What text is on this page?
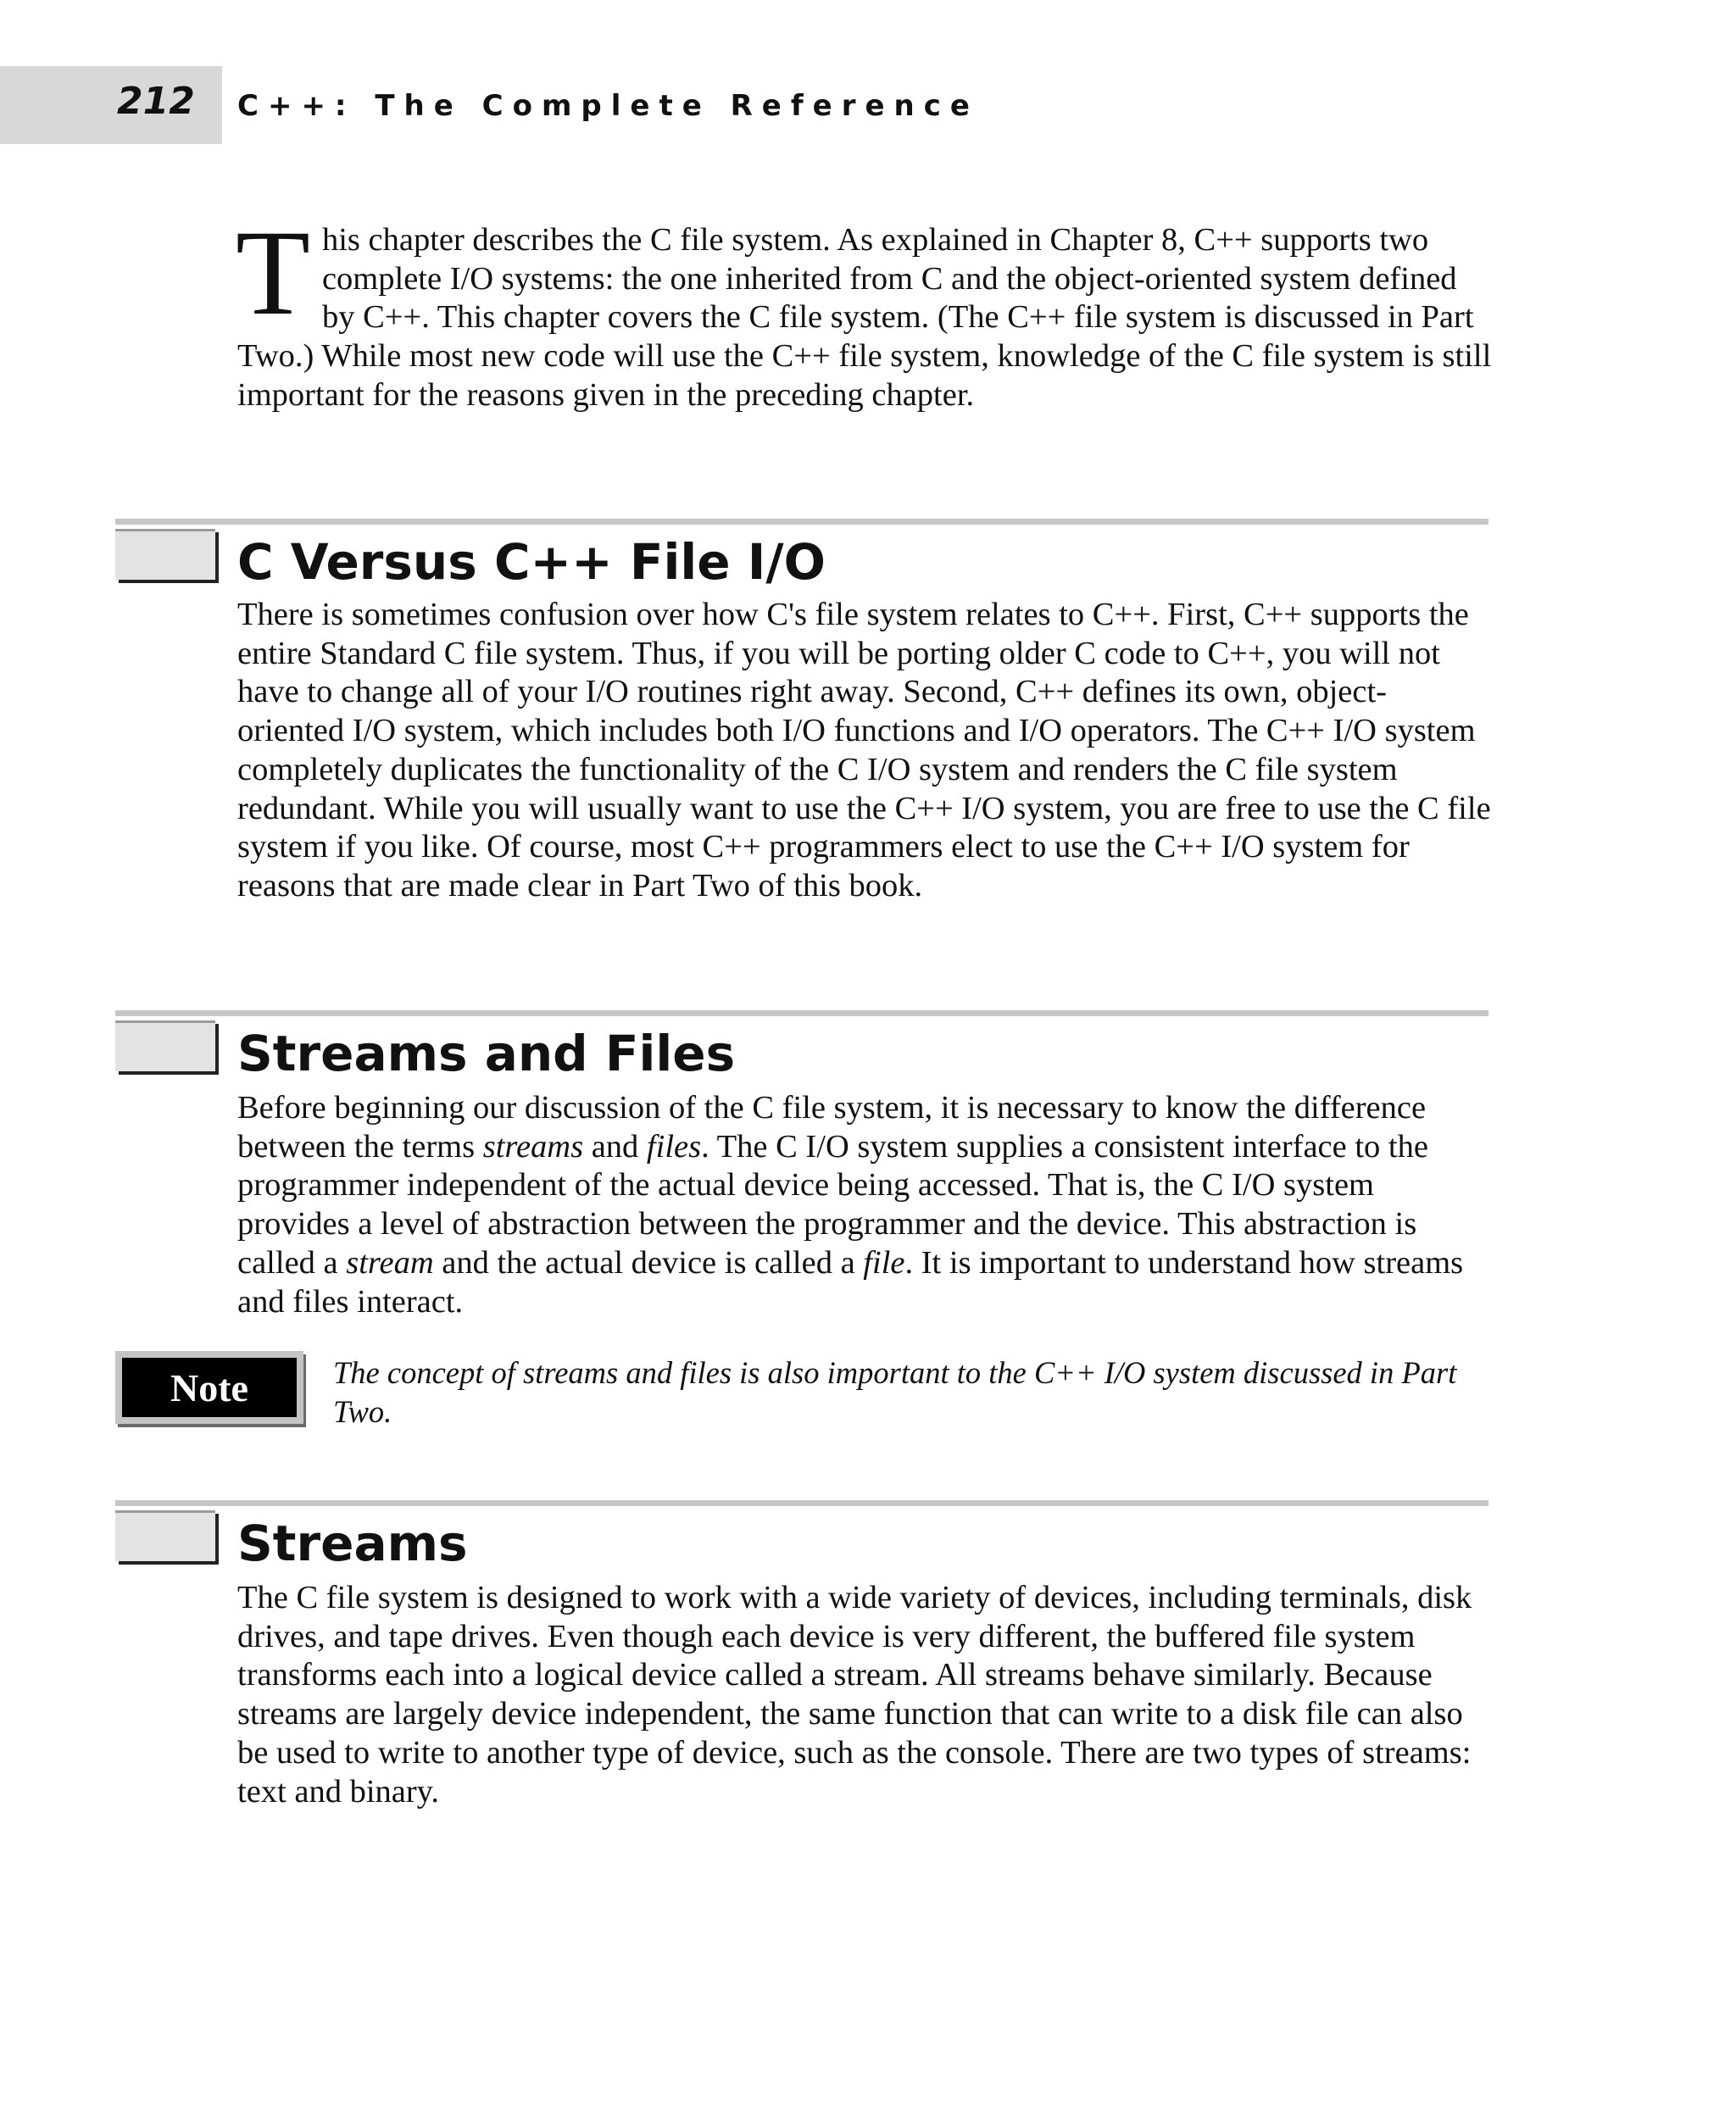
212 C++: The Complete Reference

This chapter describes the C file system. As explained in Chapter 8, C++ supports two complete I/O systems: the one inherited from C and the object-oriented system defined by C++. This chapter covers the C file system. (The C++ file system is discussed in Part Two.) While most new code will use the C++ file system, knowledge of the C file system is still important for the reasons given in the preceding chapter.

C Versus C++ File I/O

There is sometimes confusion over how C's file system relates to C++. First, C++ supports the entire Standard C file system. Thus, if you will be porting older C code to C++, you will not have to change all of your I/O routines right away. Second, C++ defines its own, object-oriented I/O system, which includes both I/O functions and I/O operators. The C++ I/O system completely duplicates the functionality of the C I/O system and renders the C file system redundant. While you will usually want to use the C++ I/O system, you are free to use the C file system if you like. Of course, most C++ programmers elect to use the C++ I/O system for reasons that are made clear in Part Two of this book.

Streams and Files

Before beginning our discussion of the C file system, it is necessary to know the difference between the terms streams and files. The C I/O system supplies a consistent interface to the programmer independent of the actual device being accessed. That is, the C I/O system provides a level of abstraction between the programmer and the device. This abstraction is called a stream and the actual device is called a file. It is important to understand how streams and files interact.

Note	The concept of streams and files is also important to the C++ I/O system discussed in Part Two.

Streams

The C file system is designed to work with a wide variety of devices, including terminals, disk drives, and tape drives. Even though each device is very different, the buffered file system transforms each into a logical device called a stream. All streams behave similarly. Because streams are largely device independent, the same function that can write to a disk file can also be used to write to another type of device, such as the console. There are two types of streams: text and binary.
